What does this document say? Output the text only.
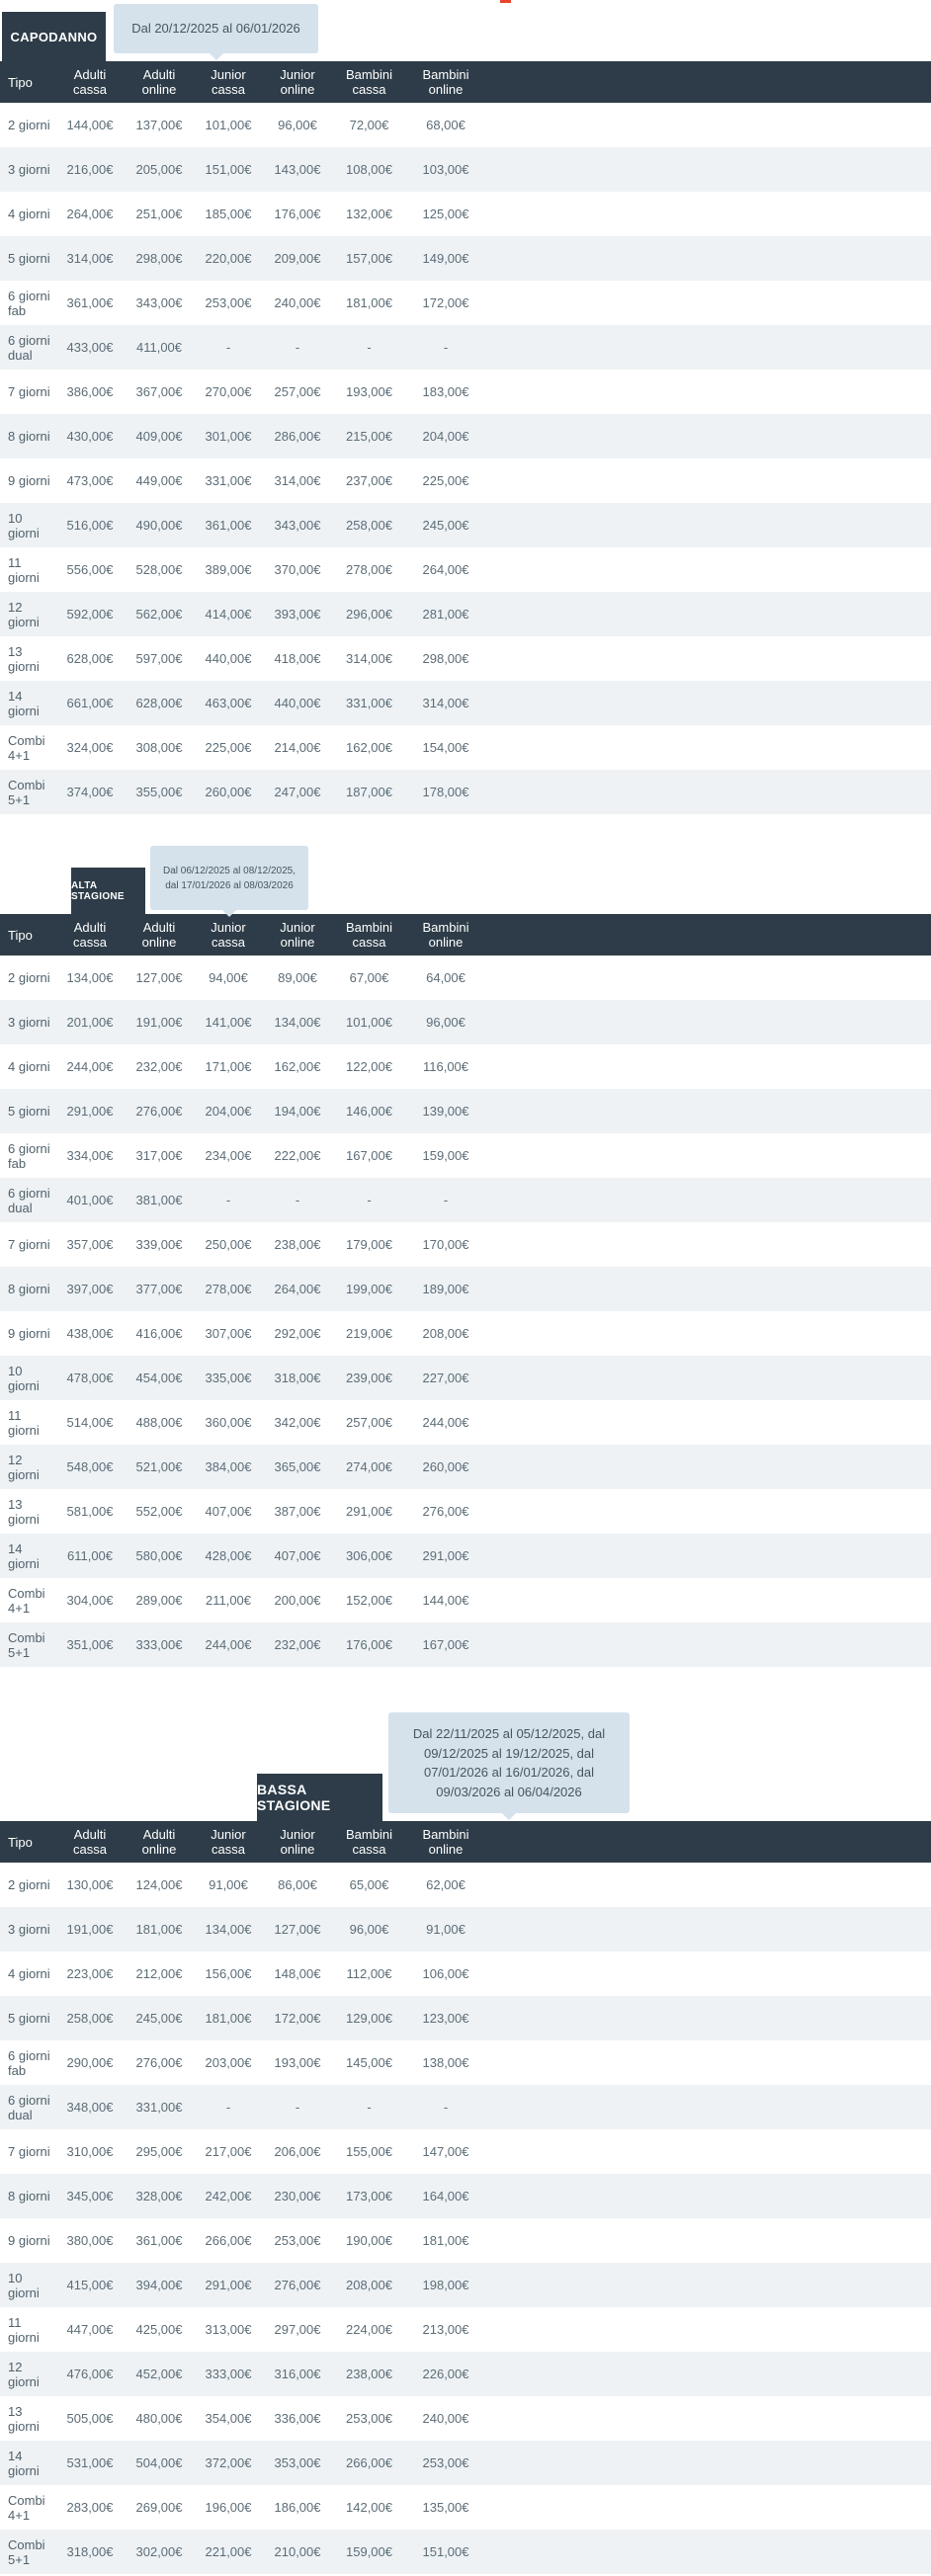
CAPODANNO
Dal 20/12/2025 al 06/01/2026
Tipo	Adulti cassa	Adulti online	Junior cassa	Junior online	Bambini cassa	Bambini online	
2 giorni	144,00€	137,00€	101,00€	96,00€	72,00€	68,00€	
3 giorni	216,00€	205,00€	151,00€	143,00€	108,00€	103,00€	
4 giorni	264,00€	251,00€	185,00€	176,00€	132,00€	125,00€	
5 giorni	314,00€	298,00€	220,00€	209,00€	157,00€	149,00€	
6 giorni fab	361,00€	343,00€	253,00€	240,00€	181,00€	172,00€	
6 giorni dual	433,00€	411,00€	-	-	-	-	
7 giorni	386,00€	367,00€	270,00€	257,00€	193,00€	183,00€	
8 giorni	430,00€	409,00€	301,00€	286,00€	215,00€	204,00€	
9 giorni	473,00€	449,00€	331,00€	314,00€	237,00€	225,00€	
10 giorni	516,00€	490,00€	361,00€	343,00€	258,00€	245,00€	
11 giorni	556,00€	528,00€	389,00€	370,00€	278,00€	264,00€	
12 giorni	592,00€	562,00€	414,00€	393,00€	296,00€	281,00€	
13 giorni	628,00€	597,00€	440,00€	418,00€	314,00€	298,00€	
14 giorni	661,00€	628,00€	463,00€	440,00€	331,00€	314,00€	
Combi 4+1	324,00€	308,00€	225,00€	214,00€	162,00€	154,00€	
Combi 5+1	374,00€	355,00€	260,00€	247,00€	187,00€	178,00€	
ALTA STAGIONE
Dal 06/12/2025 al 08/12/2025, dal 17/01/2026 al 08/03/2026
Tipo	Adulti cassa	Adulti online	Junior cassa	Junior online	Bambini cassa	Bambini online	
2 giorni	134,00€	127,00€	94,00€	89,00€	67,00€	64,00€	
3 giorni	201,00€	191,00€	141,00€	134,00€	101,00€	96,00€	
4 giorni	244,00€	232,00€	171,00€	162,00€	122,00€	116,00€	
5 giorni	291,00€	276,00€	204,00€	194,00€	146,00€	139,00€	
6 giorni fab	334,00€	317,00€	234,00€	222,00€	167,00€	159,00€	
6 giorni dual	401,00€	381,00€	-	-	-	-	
7 giorni	357,00€	339,00€	250,00€	238,00€	179,00€	170,00€	
8 giorni	397,00€	377,00€	278,00€	264,00€	199,00€	189,00€	
9 giorni	438,00€	416,00€	307,00€	292,00€	219,00€	208,00€	
10 giorni	478,00€	454,00€	335,00€	318,00€	239,00€	227,00€	
11 giorni	514,00€	488,00€	360,00€	342,00€	257,00€	244,00€	
12 giorni	548,00€	521,00€	384,00€	365,00€	274,00€	260,00€	
13 giorni	581,00€	552,00€	407,00€	387,00€	291,00€	276,00€	
14 giorni	611,00€	580,00€	428,00€	407,00€	306,00€	291,00€	
Combi 4+1	304,00€	289,00€	211,00€	200,00€	152,00€	144,00€	
Combi 5+1	351,00€	333,00€	244,00€	232,00€	176,00€	167,00€	
BASSA STAGIONE
Dal 22/11/2025 al 05/12/2025, dal 09/12/2025 al 19/12/2025, dal 07/01/2026 al 16/01/2026, dal 09/03/2026 al 06/04/2026
Tipo	Adulti cassa	Adulti online	Junior cassa	Junior online	Bambini cassa	Bambini online	
2 giorni	130,00€	124,00€	91,00€	86,00€	65,00€	62,00€	
3 giorni	191,00€	181,00€	134,00€	127,00€	96,00€	91,00€	
4 giorni	223,00€	212,00€	156,00€	148,00€	112,00€	106,00€	
5 giorni	258,00€	245,00€	181,00€	172,00€	129,00€	123,00€	
6 giorni fab	290,00€	276,00€	203,00€	193,00€	145,00€	138,00€	
6 giorni dual	348,00€	331,00€	-	-	-	-	
7 giorni	310,00€	295,00€	217,00€	206,00€	155,00€	147,00€	
8 giorni	345,00€	328,00€	242,00€	230,00€	173,00€	164,00€	
9 giorni	380,00€	361,00€	266,00€	253,00€	190,00€	181,00€	
10 giorni	415,00€	394,00€	291,00€	276,00€	208,00€	198,00€	
11 giorni	447,00€	425,00€	313,00€	297,00€	224,00€	213,00€	
12 giorni	476,00€	452,00€	333,00€	316,00€	238,00€	226,00€	
13 giorni	505,00€	480,00€	354,00€	336,00€	253,00€	240,00€	
14 giorni	531,00€	504,00€	372,00€	353,00€	266,00€	253,00€	
Combi 4+1	283,00€	269,00€	196,00€	186,00€	142,00€	135,00€	
Combi 5+1	318,00€	302,00€	221,00€	210,00€	159,00€	151,00€	
